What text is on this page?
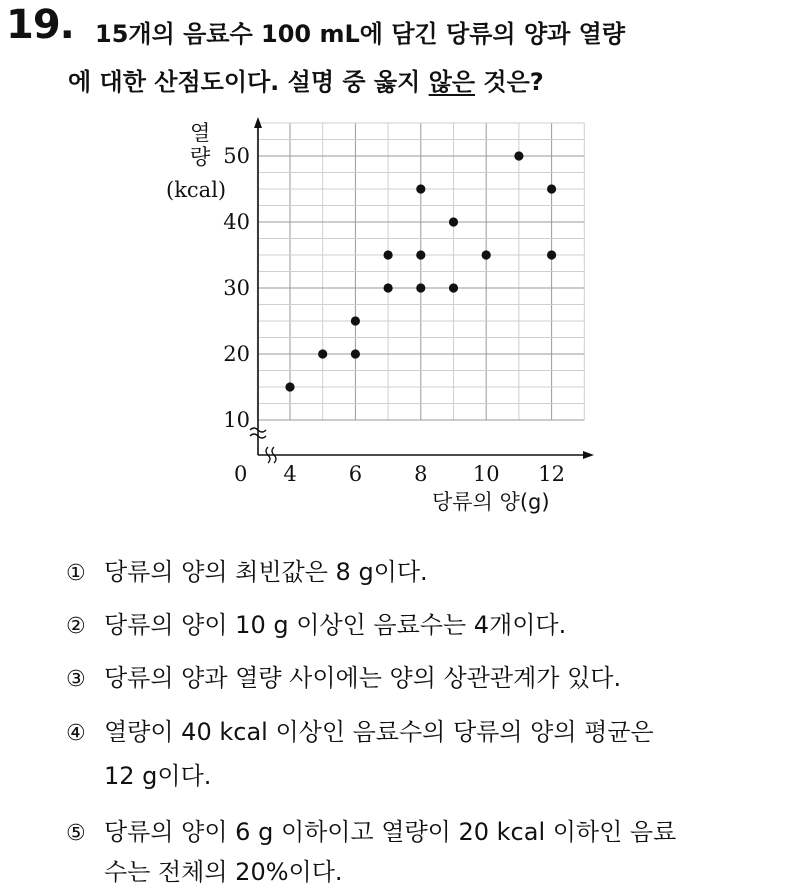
19. 15개의 음료수 100 mL에 담긴 당류의 양과 열량
에 대한 산점도이다. 설명 중 옳지 않은 것은?
4 6 8 10 12
10
20
30
40
50
열
량
(kcal)
0
당류의 양(g)
① 당류의 양의 최빈값은 8 g이다.
② 당류의 양이 10 g 이상인 음료수는 4개이다.
③ 당류의 양과 열량 사이에는 양의 상관관계가 있다.
④ 열량이 40 kcal 이상인 음료수의 당류의 양의 평균은
12 g이다.
⑤ 당류의 양이 6 g 이하이고 열량이 20 kcal 이하인 음료
수는 전체의 20%이다.
